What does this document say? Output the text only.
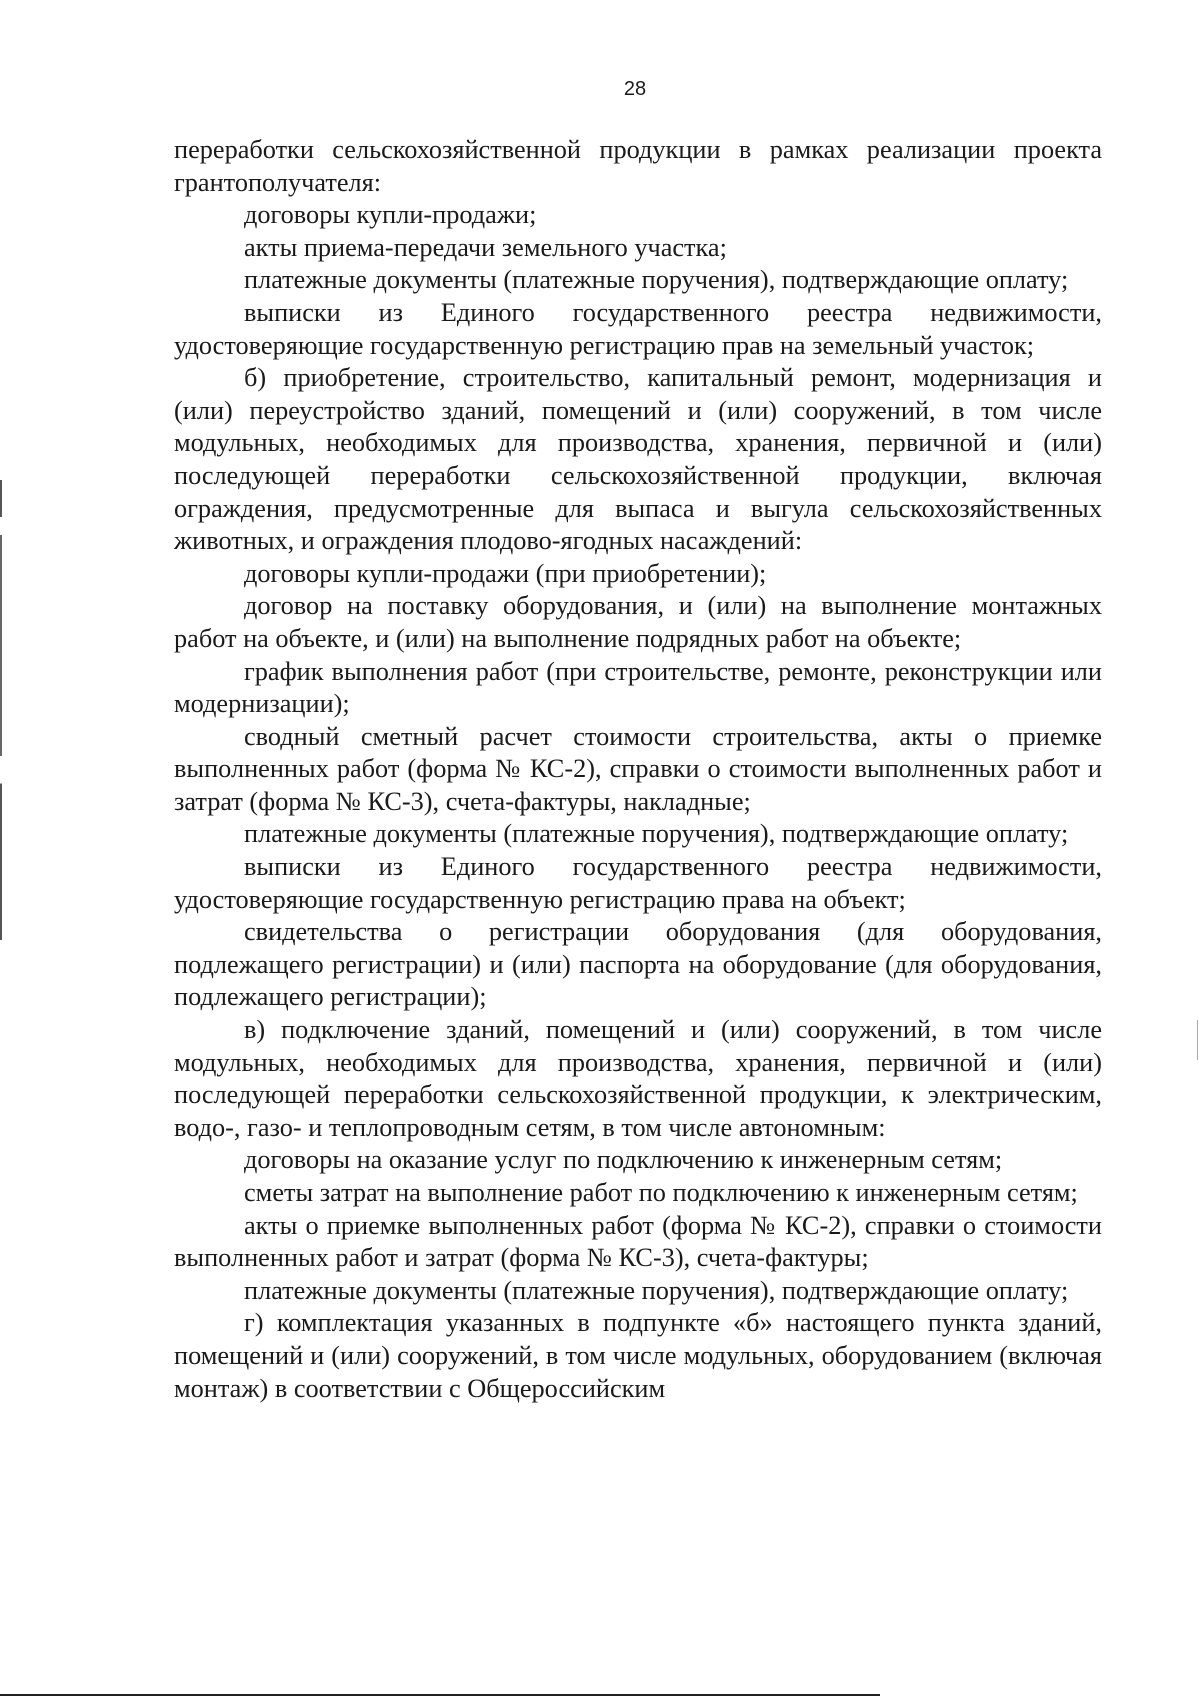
28

переработки сельскохозяйственной продукции в рамках реализации проекта грантополучателя:

договоры купли-продажи;

акты приема-передачи земельного участка;

платежные документы (платежные поручения), подтверждающие оплату;

выписки из Единого государственного реестра недвижимости, удостоверяющие государственную регистрацию прав на земельный участок;

б) приобретение, строительство, капитальный ремонт, модернизация и (или) переустройство зданий, помещений и (или) сооружений, в том числе модульных, необходимых для производства, хранения, первичной и (или) последующей переработки сельскохозяйственной продукции, включая ограждения, предусмотренные для выпаса и выгула сельскохозяйственных животных, и ограждения плодово-ягодных насаждений:

договоры купли-продажи (при приобретении);

договор на поставку оборудования, и (или) на выполнение монтажных работ на объекте, и (или) на выполнение подрядных работ на объекте;

график выполнения работ (при строительстве, ремонте, реконструкции или модернизации);

сводный сметный расчет стоимости строительства, акты о приемке выполненных работ (форма № КС-2), справки о стоимости выполненных работ и затрат (форма № КС-3), счета-фактуры, накладные;

платежные документы (платежные поручения), подтверждающие оплату;

выписки из Единого государственного реестра недвижимости, удостоверяющие государственную регистрацию права на объект;

свидетельства о регистрации оборудования (для оборудования, подлежащего регистрации) и (или) паспорта на оборудование (для оборудования, подлежащего регистрации);

в) подключение зданий, помещений и (или) сооружений, в том числе модульных, необходимых для производства, хранения, первичной и (или) последующей переработки сельскохозяйственной продукции, к электрическим, водо-, газо- и теплопроводным сетям, в том числе автономным:

договоры на оказание услуг по подключению к инженерным сетям;

сметы затрат на выполнение работ по подключению к инженерным сетям;

акты о приемке выполненных работ (форма № КС-2), справки о стоимости выполненных работ и затрат (форма № КС-3), счета-фактуры;

платежные документы (платежные поручения), подтверждающие оплату;

г) комплектация указанных в подпункте «б» настоящего пункта зданий, помещений и (или) сооружений, в том числе модульных, оборудованием (включая монтаж) в соответствии с Общероссийским
